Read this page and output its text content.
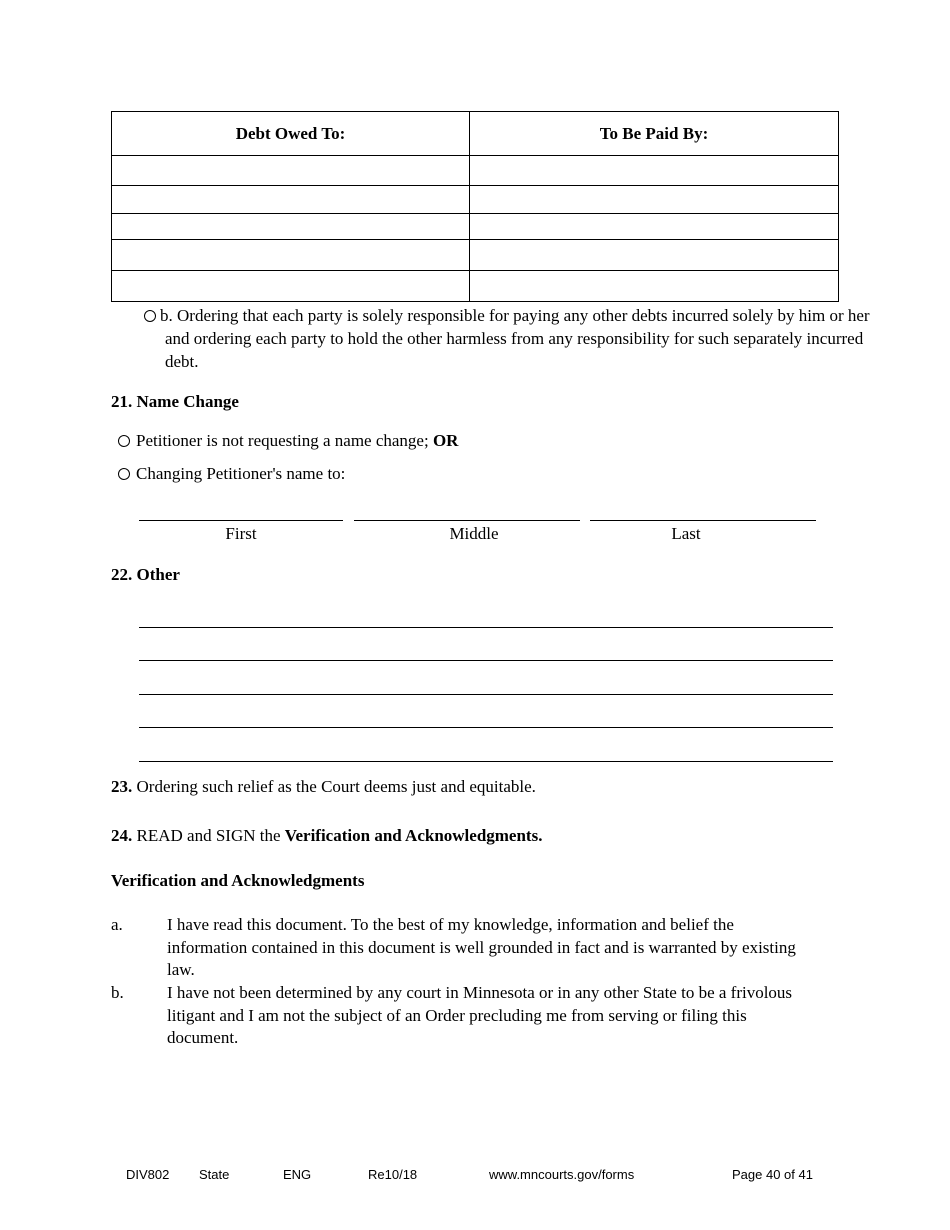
Debt Owed To:	To Be Paid By:

b. Ordering that each party is solely responsible for paying any other debts incurred solely by him or her and ordering each party to hold the other harmless from any responsibility for such separately incurred debt.
21. Name Change
Petitioner is not requesting a name change; OR
Changing Petitioner's name to:
First	Middle	Last
22. Other
23. Ordering such relief as the Court deems just and equitable.
24. READ and SIGN the Verification and Acknowledgments.
Verification and Acknowledgments
a.	I have read this document. To the best of my knowledge, information and belief the information contained in this document is well grounded in fact and is warranted by existing law.
b.	I have not been determined by any court in Minnesota or in any other State to be a frivolous litigant and I am not the subject of an Order precluding me from serving or filing this document.
DIV802 State	ENG	Re10/18	www.mncourts.gov/forms	Page 40 of 41
